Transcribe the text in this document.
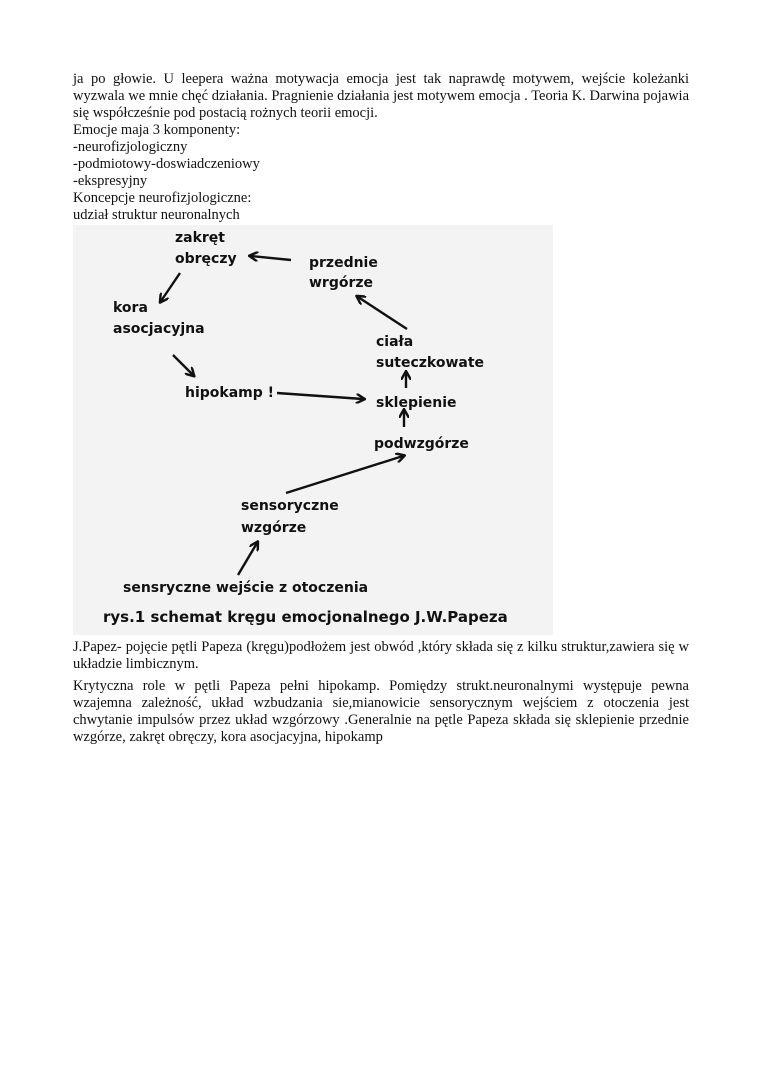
ja po głowie. U leepera ważna motywacja emocja jest tak naprawdę motywem, wejście koleżanki wyzwala we mnie chęć działania. Pragnienie działania jest motywem emocja . Teoria K. Darwina pojawia się współcześnie pod postacią rożnych teorii emocji.

Emocje maja 3 komponenty:

-neurofizjologiczny

-podmiotowy-doswiadczeniowy

-ekspresyjny

Koncepcje neurofizjologiczne:

udział struktur neuronalnych

zakręt
obręczy	przednie
wrgórze
kora
asocjacyjna
ciała
suteczkowate
hipokamp !
sklepienie
podwzgórze
sensoryczne
wzgórze
sensryczne wejście z otoczenia
rys.1 schemat kręgu emocjonalnego J.W.Papeza

J.Papez- pojęcie pętli Papeza (kręgu)podłożem jest obwód ,który składa się z kilku struktur,zawiera się w układzie limbicznym.

Krytyczna role w pętli Papeza pełni hipokamp. Pomiędzy strukt.neuronalnymi występuje pewna wzajemna zależność, układ wzbudzania sie,mianowicie sensorycznym wejściem z otoczenia jest chwytanie impulsów przez układ wzgórzowy .Generalnie na pętle Papeza składa się sklepienie przednie wzgórze, zakręt obręczy, kora asocjacyjna, hipokamp
